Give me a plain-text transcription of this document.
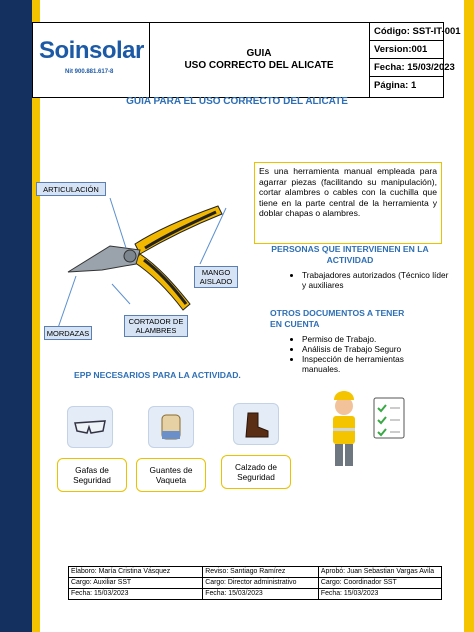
Soinsolar
Nit 900.881.617-8
GUIA
USO CORRECTO DEL ALICATE
Código: SST-IT-001
Version:001
Fecha: 15/03/2023
Página: 1
GUIA PARA EL USO CORRECTO DEL ALICATE
ARTICULACIÓN
MANGO AISLADO
CORTADOR DE ALAMBRES
MORDAZAS
Es una herramienta manual empleada para agarrar piezas (facilitando su manipulación), cortar alambres o cables con la cuchilla que tiene en la parte central de la herramienta y doblar chapas o alambres.
PERSONAS QUE INTERVIENEN EN LA ACTIVIDAD
• Trabajadores autorizados (Técnico líder y auxiliares
OTROS DOCUMENTOS A TENER EN CUENTA
• Permiso de Trabajo.
• Análisis de Trabajo Seguro
• Inspección de herramientas manuales.
EPP NECESARIOS PARA LA ACTIVIDAD.
Gafas de Seguridad
Guantes de Vaqueta
Calzado de Seguridad
Elaboro: María Cristina Vásquez	Reviso: Santiago Ramírez	Aprobó: Juan Sebastian Vargas Avila
Cargo: Auxiliar SST	Cargo: Director administrativo	Cargo: Coordinador SST
Fecha: 15/03/2023	Fecha: 15/03/2023	Fecha: 15/03/2023
